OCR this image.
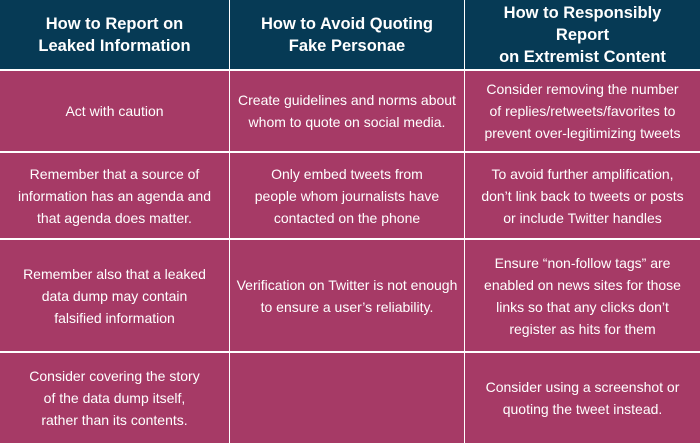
How to Report on
Leaked Information
How to Avoid Quoting
Fake Personae
How to Responsibly Report
on Extremist Content
Act with caution
Create guidelines and norms about
whom to quote on social media.
Consider removing the number
of replies/retweets/favorites to
prevent over-legitimizing tweets
Remember that a source of
information has an agenda and
that agenda does matter.
Only embed tweets from
people whom journalists have
contacted on the phone
To avoid further amplification,
don’t link back to tweets or posts
or include Twitter handles
Remember also that a leaked
data dump may contain
falsified information
Verification on Twitter is not enough
to ensure a user’s reliability.
Ensure “non-follow tags” are
enabled on news sites for those
links so that any clicks don’t
register as hits for them
Consider covering the story
of the data dump itself,
rather than its contents.
Consider using a screenshot or
quoting the tweet instead.
